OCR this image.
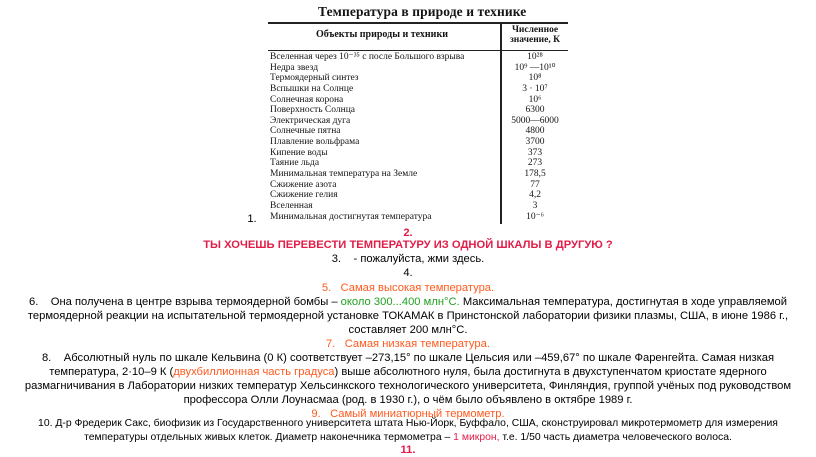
Температура в природе и технике
Объекты природы и техники	Численное значение, К
Вселенная через 10⁻³⁵ с после Большого взрыва	10²⁸
Недра звезд	10⁹ —10¹⁰
Термоядерный синтез	10⁸
Вспышки на Солнце	3 · 10⁷
Солнечная корона	10⁶
Поверхность Солнца	6300
Электрическая дуга	5000—6000
Солнечные пятна	4800
Плавление вольфрама	3700
Кипение воды	373
Таяние льда	273
Минимальная температура на Земле	178,5
Сжижение азота	77
Сжижение гелия	4,2
Вселенная	3
Минимальная достигнутая температура	10⁻⁶
1.
2.
ТЫ ХОЧЕШЬ ПЕРЕВЕСТИ ТЕМПЕРАТУРУ ИЗ ОДНОЙ ШКАЛЫ В ДРУГУЮ ?
3. - пожалуйста, жми здесь.
4.
5. Самая высокая температура.
6. Она получена в центре взрыва термоядерной бомбы – около 300...400 млн°С. Максимальная температура, достигнутая в ходе управляемой
термоядерной реакции на испытательной термоядерной установке ТОКАМАК в Принстонской лаборатории физики плазмы, США, в июне 1986 г.,
составляет 200 млн°С.
7. Самая низкая температура.
8. Абсолютный нуль по шкале Кельвина (0 К) соответствует –273,15° по шкале Цельсия или –459,67° по шкале Фаренгейта. Самая низкая
температура, 2·10–9 К (двухбиллионная часть градуса) выше абсолютного нуля, была достигнута в двухступенчатом криостате ядерного
размагничивания в Лаборатории низких температур Хельсинкского технологического университета, Финляндия, группой учёных под руководством
профессора Олли Лоунасмаа (род. в 1930 г.), о чём было объявлено в октябре 1989 г.
9. Самый миниатюрный термометр.
10. Д-р Фредерик Сакс, биофизик из Государственного университета штата Нью-Йорк, Буффало, США, сконструировал микротермометр для измерения
температуры отдельных живых клеток. Диаметр наконечника термометра – 1 микрон, т.е. 1/50 часть диаметра человеческого волоса.
11.
